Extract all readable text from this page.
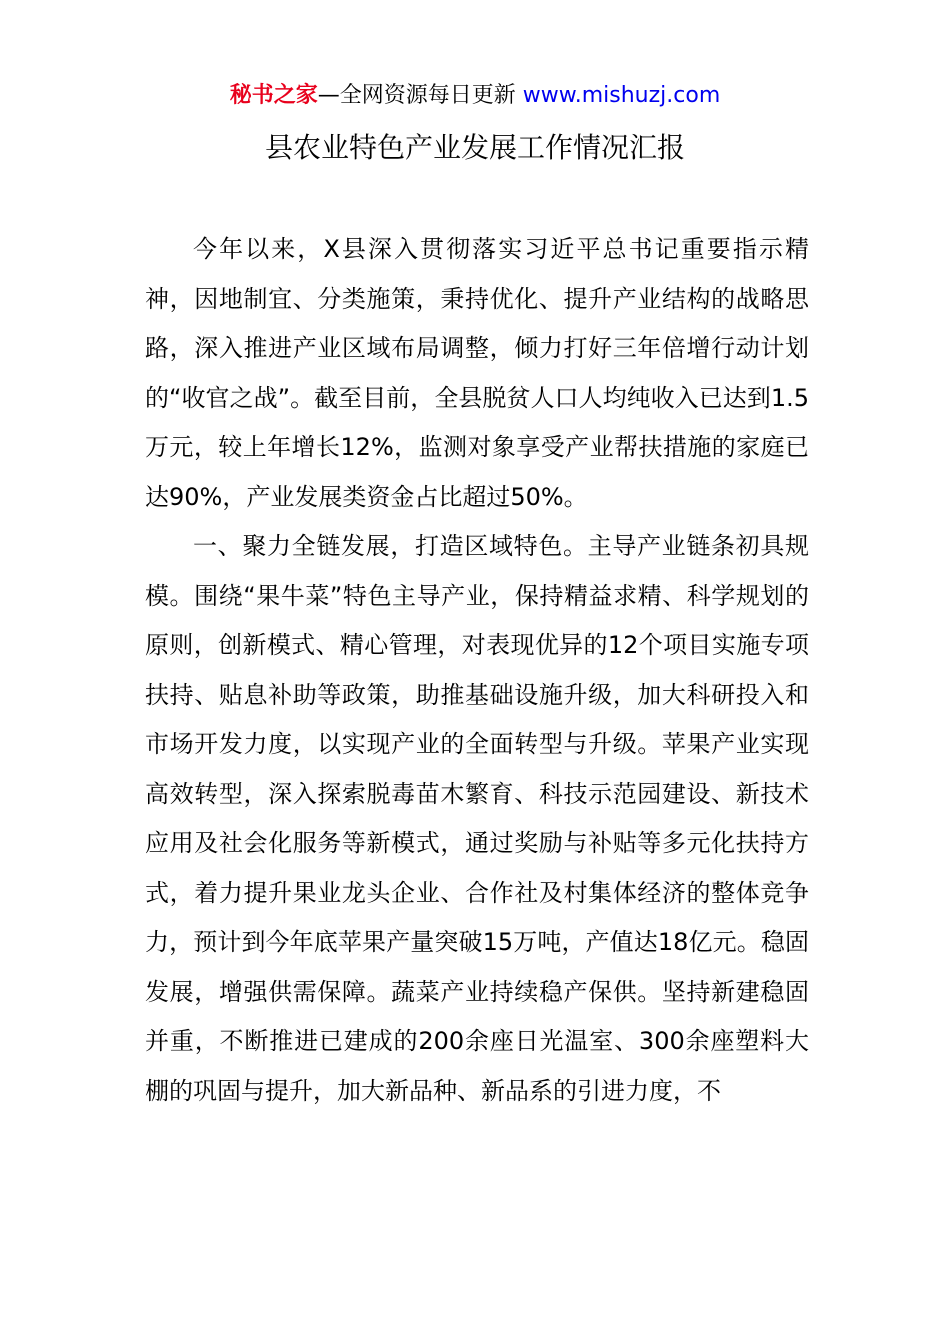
秘书之家—全网资源每日更新 www.mishuzj.com
县农业特色产业发展工作情况汇报

今年以来，X县深入贯彻落实习近平总书记重要指示精神，因地制宜、分类施策，秉持优化、提升产业结构的战略思路，深入推进产业区域布局调整，倾力打好三年倍增行动计划的“收官之战”。截至目前，全县脱贫人口人均纯收入已达到1.5万元，较上年增长12%，监测对象享受产业帮扶措施的家庭已达90%，产业发展类资金占比超过50%。

一、聚力全链发展，打造区域特色。主导产业链条初具规模。围绕“果牛菜”特色主导产业，保持精益求精、科学规划的原则，创新模式、精心管理，对表现优异的12个项目实施专项扶持、贴息补助等政策，助推基础设施升级，加大科研投入和市场开发力度，以实现产业的全面转型与升级。苹果产业实现高效转型，深入探索脱毒苗木繁育、科技示范园建设、新技术应用及社会化服务等新模式，通过奖励与补贴等多元化扶持方式，着力提升果业龙头企业、合作社及村集体经济的整体竞争力，预计到今年底苹果产量突破15万吨，产值达18亿元。稳固发展，增强供需保障。蔬菜产业持续稳产保供。坚持新建稳固并重，不断推进已建成的200余座日光温室、300余座塑料大棚的巩固与提升，加大新品种、新品系的引进力度，不
